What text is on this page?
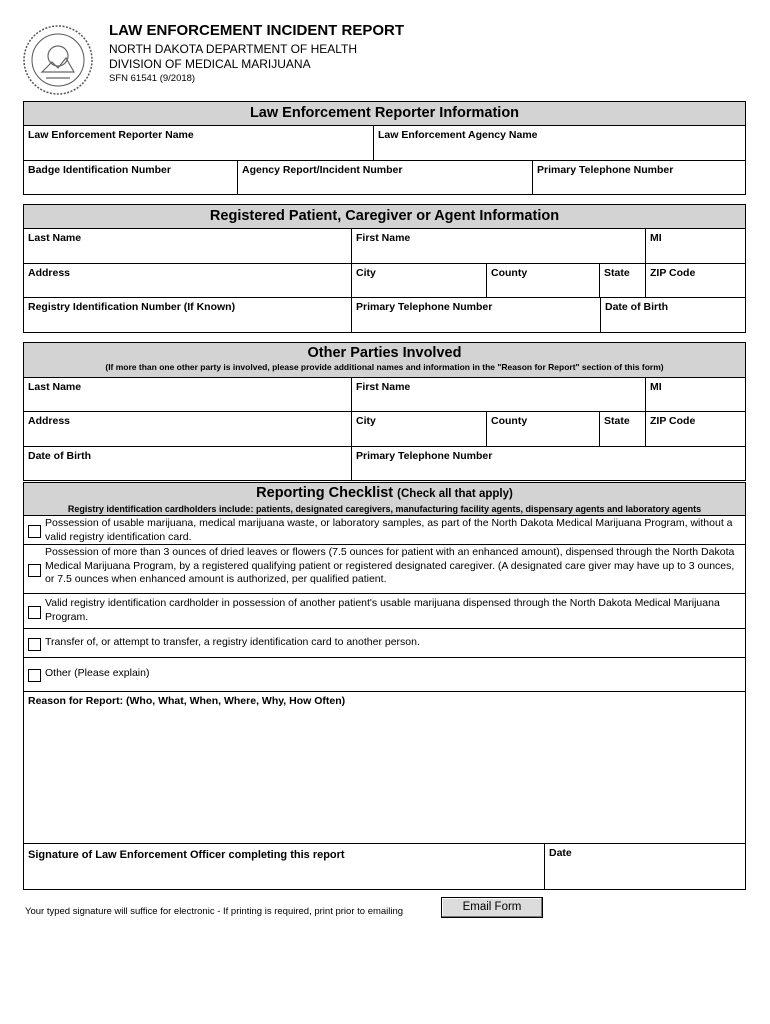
LAW ENFORCEMENT INCIDENT REPORT
NORTH DAKOTA DEPARTMENT OF HEALTH
DIVISION OF MEDICAL MARIJUANA
SFN 61541 (9/2018)
Law Enforcement Reporter Information
Law Enforcement Reporter Name	Law Enforcement Agency Name
Badge Identification Number	Agency Report/Incident Number	Primary Telephone Number
Registered Patient, Caregiver or Agent Information
Last Name	First Name	MI
Address	City	County	State ZIP Code
Registry Identification Number (If Known)	Primary Telephone Number	Date of Birth
Other Parties Involved
(If more than one other party is involved, please provide additional names and information in the "Reason for Report" section of this form)
Last Name	First Name	MI
Address	City	County	State ZIP Code
Date of Birth	Primary Telephone Number
Reporting Checklist (Check all that apply)
Registry identification cardholders include: patients, designated caregivers, manufacturing facility agents, dispensary agents and laboratory agents
Possession of usable marijuana, medical marijuana waste, or laboratory samples, as part of the North Dakota Medical Marijuana Program, without a valid registry identification card.
Possession of more than 3 ounces of dried leaves or flowers (7.5 ounces for patient with an enhanced amount), dispensed through the North Dakota Medical Marijuana Program, by a registered qualifying patient or registered designated caregiver. (A designated care giver may have up to 3 ounces, or 7.5 ounces when enhanced amount is authorized, per qualified patient.
Valid registry identification cardholder in possession of another patient's usable marijuana dispensed through the North Dakota Medical Marijuana Program.
Transfer of, or attempt to transfer, a registry identification card to another person.
Other (Please explain)
Reason for Report: (Who, What, When, Where, Why, How Often)
Signature of Law Enforcement Officer completing this report	Date
Your typed signature will suffice for electronic - If printing is required, print prior to emailing	Email Form
